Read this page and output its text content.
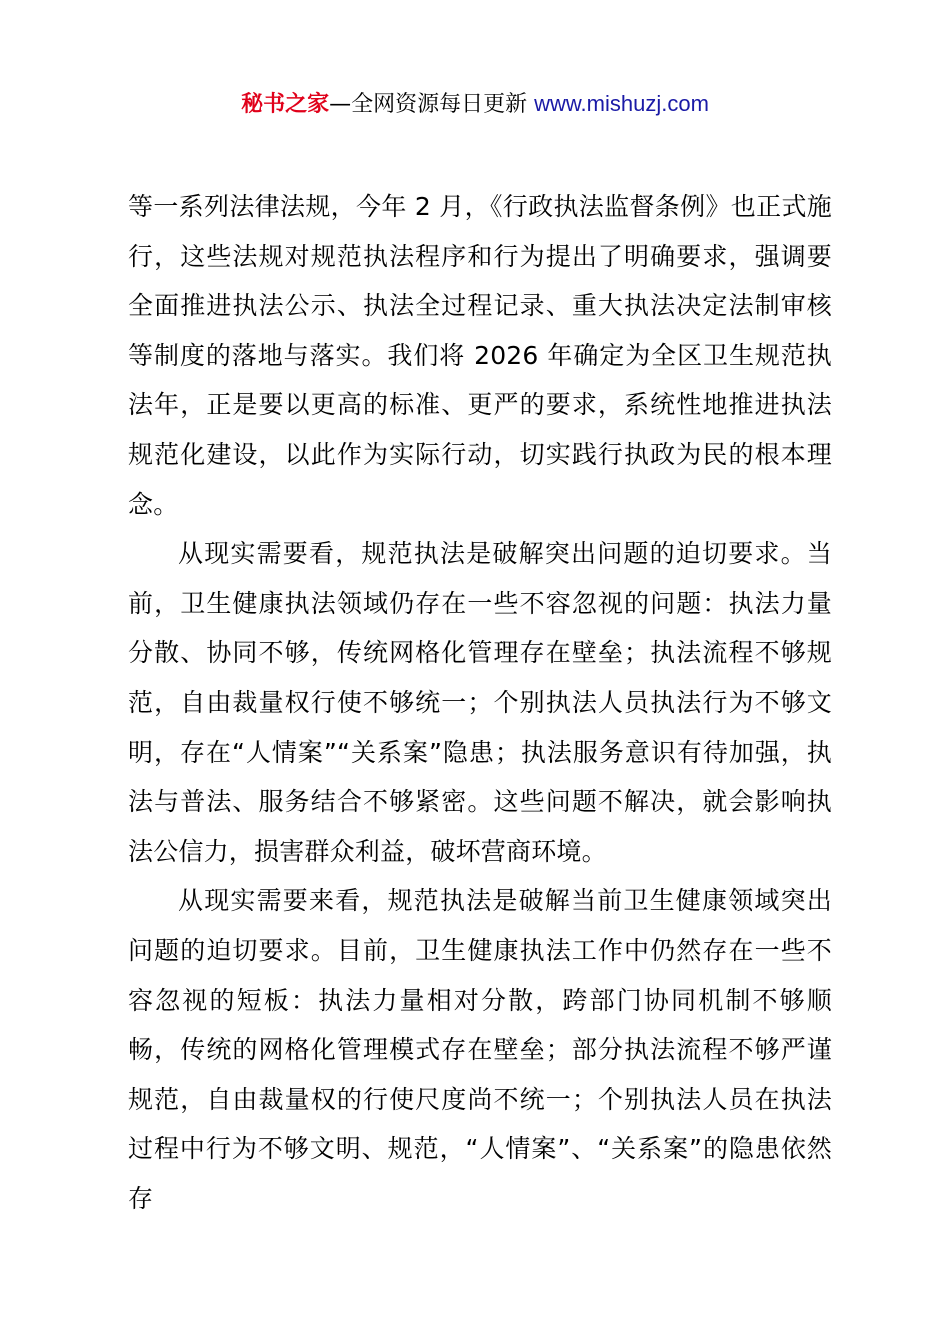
秘书之家—全网资源每日更新 www.mishuzj.com

等一系列法律法规，今年 2 月，《行政执法监督条例》也正式施行，这些法规对规范执法程序和行为提出了明确要求，强调要全面推进执法公示、执法全过程记录、重大执法决定法制审核等制度的落地与落实。我们将 2026 年确定为全区卫生规范执法年，正是要以更高的标准、更严的要求，系统性地推进执法规范化建设，以此作为实际行动，切实践行执政为民的根本理念。

从现实需要看，规范执法是破解突出问题的迫切要求。当前，卫生健康执法领域仍存在一些不容忽视的问题：执法力量分散、协同不够，传统网格化管理存在壁垒；执法流程不够规范，自由裁量权行使不够统一；个别执法人员执法行为不够文明，存在“人情案”“关系案”隐患；执法服务意识有待加强，执法与普法、服务结合不够紧密。这些问题不解决，就会影响执法公信力，损害群众利益，破坏营商环境。

从现实需要来看，规范执法是破解当前卫生健康领域突出问题的迫切要求。目前，卫生健康执法工作中仍然存在一些不容忽视的短板：执法力量相对分散，跨部门协同机制不够顺畅，传统的网格化管理模式存在壁垒；部分执法流程不够严谨规范，自由裁量权的行使尺度尚不统一；个别执法人员在执法过程中行为不够文明、规范，“人情案”、“关系案”的隐患依然存
